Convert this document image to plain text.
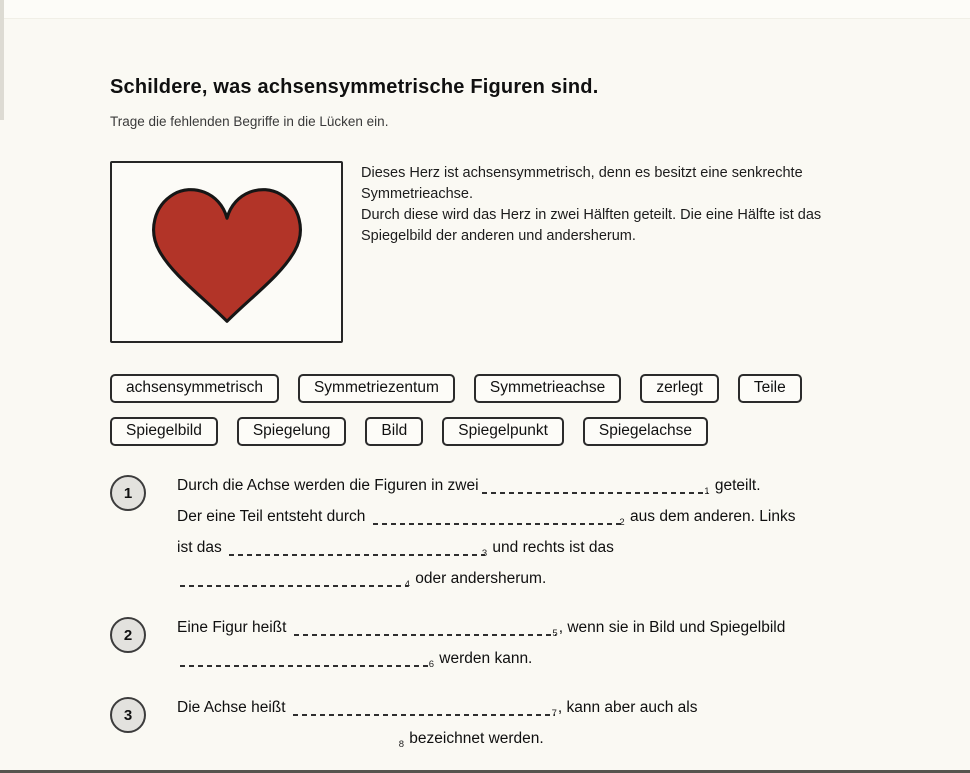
Schildere, was achsensymmetrische Figuren sind.

Trage die fehlenden Begriffe in die Lücken ein.

Dieses Herz ist achsensymmetrisch, denn es besitzt eine senkrechte
Symmetrieachse.
Durch diese wird das Herz in zwei Hälften geteilt. Die eine Hälfte ist das
Spiegelbild der anderen und andersherum.
achsensymmetrisch	Symmetriezentum	Symmetrieachse	zerlegt	Teile
Spiegelbild	Spiegelung	Bild	Spiegelpunkt	Spiegelachse
1	Durch die Achse werden die Figuren in zwei	1 geteilt.
Der eine Teil entsteht durch	2 aus dem anderen. Links
ist das	3 und rechts ist das
4 oder andersherum.
2	Eine Figur heißt	5 , wenn sie in Bild und Spiegelbild
6 werden kann.
3	Die Achse heißt	7 , kann aber auch als
8 bezeichnet werden.
